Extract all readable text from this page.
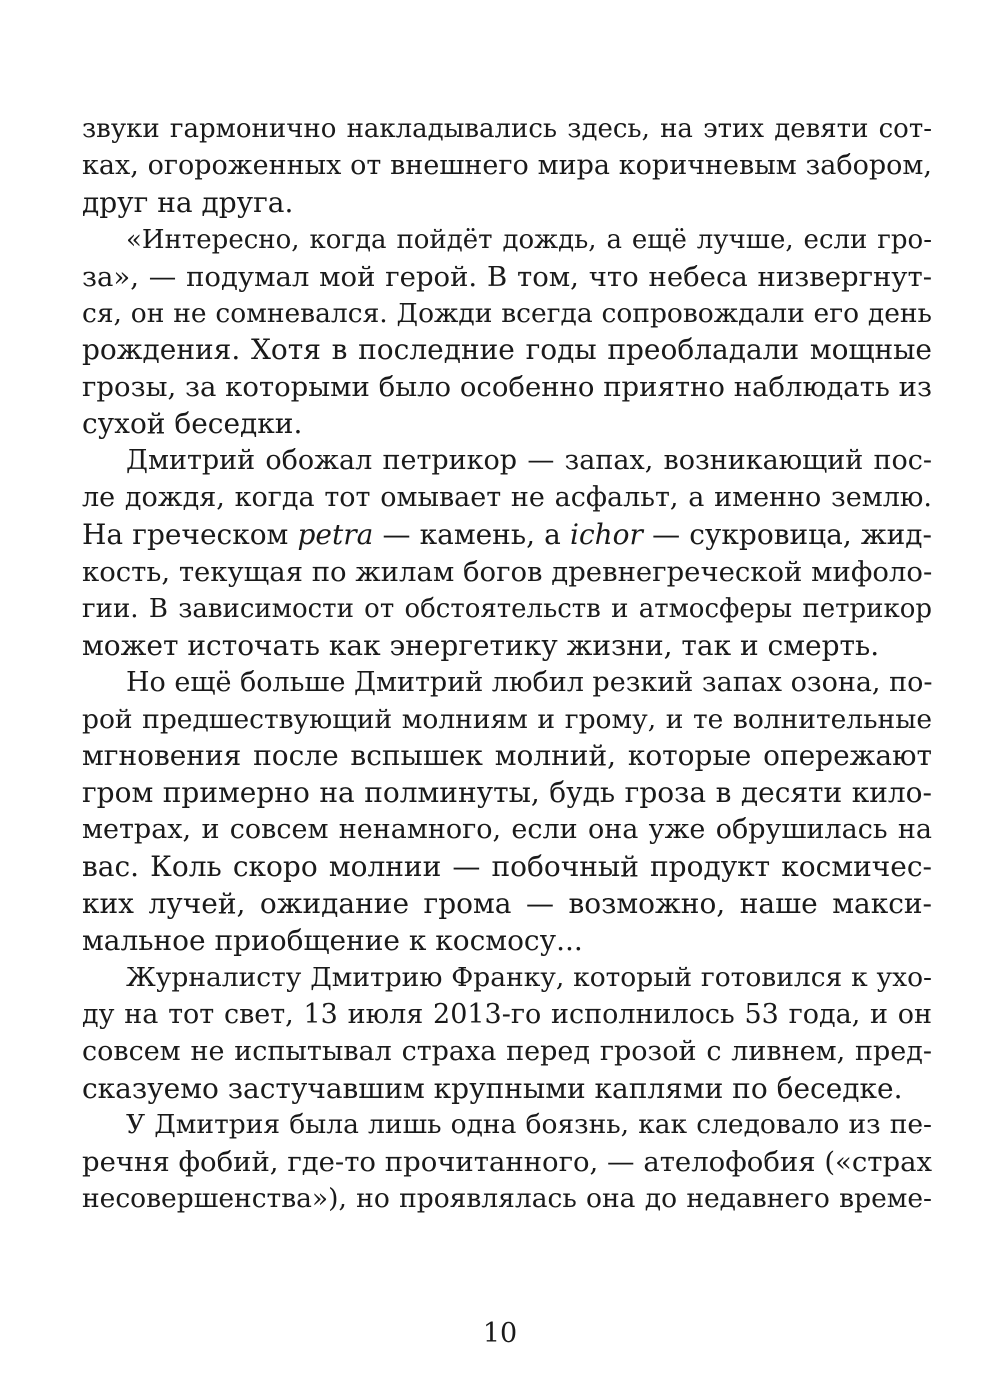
звуки гармонично накладывались здесь, на этих девяти сот-
ках, огороженных от внешнего мира коричневым забором,
друг на друга.

«Интересно, когда пойдёт дождь, а ещё лучше, если гро-
за», — подумал мой герой. В том, что небеса низвергнут-
ся, он не сомневался. Дожди всегда сопровождали его день
рождения. Хотя в последние годы преобладали мощные
грозы, за которыми было особенно приятно наблюдать из
сухой беседки.

Дмитрий обожал петрикор — запах, возникающий пос-
ле дождя, когда тот омывает не асфальт, а именно землю.
На греческом petra — камень, а ichor — сукровица, жид-
кость, текущая по жилам богов древнегреческой мифоло-
гии. В зависимости от обстоятельств и атмосферы петрикор
может источать как энергетику жизни, так и смерть.

Но ещё больше Дмитрий любил резкий запах озона, по-
рой предшествующий молниям и грому, и те волнительные
мгновения после вспышек молний, которые опережают
гром примерно на полминуты, будь гроза в десяти кило-
метрах, и совсем ненамного, если она уже обрушилась на
вас. Коль скоро молнии — побочный продукт космичес-
ких лучей, ожидание грома — возможно, наше макси-
мальное приобщение к космосу...

Журналисту Дмитрию Франку, который готовился к ухо-
ду на тот свет, 13 июля 2013-го исполнилось 53 года, и он
совсем не испытывал страха перед грозой с ливнем, пред-
сказуемо застучавшим крупными каплями по беседке.

У Дмитрия была лишь одна боязнь, как следовало из пе-
речня фобий, где-то прочитанного, — ателофобия («страх
несовершенства»), но проявлялась она до недавнего време-

10
